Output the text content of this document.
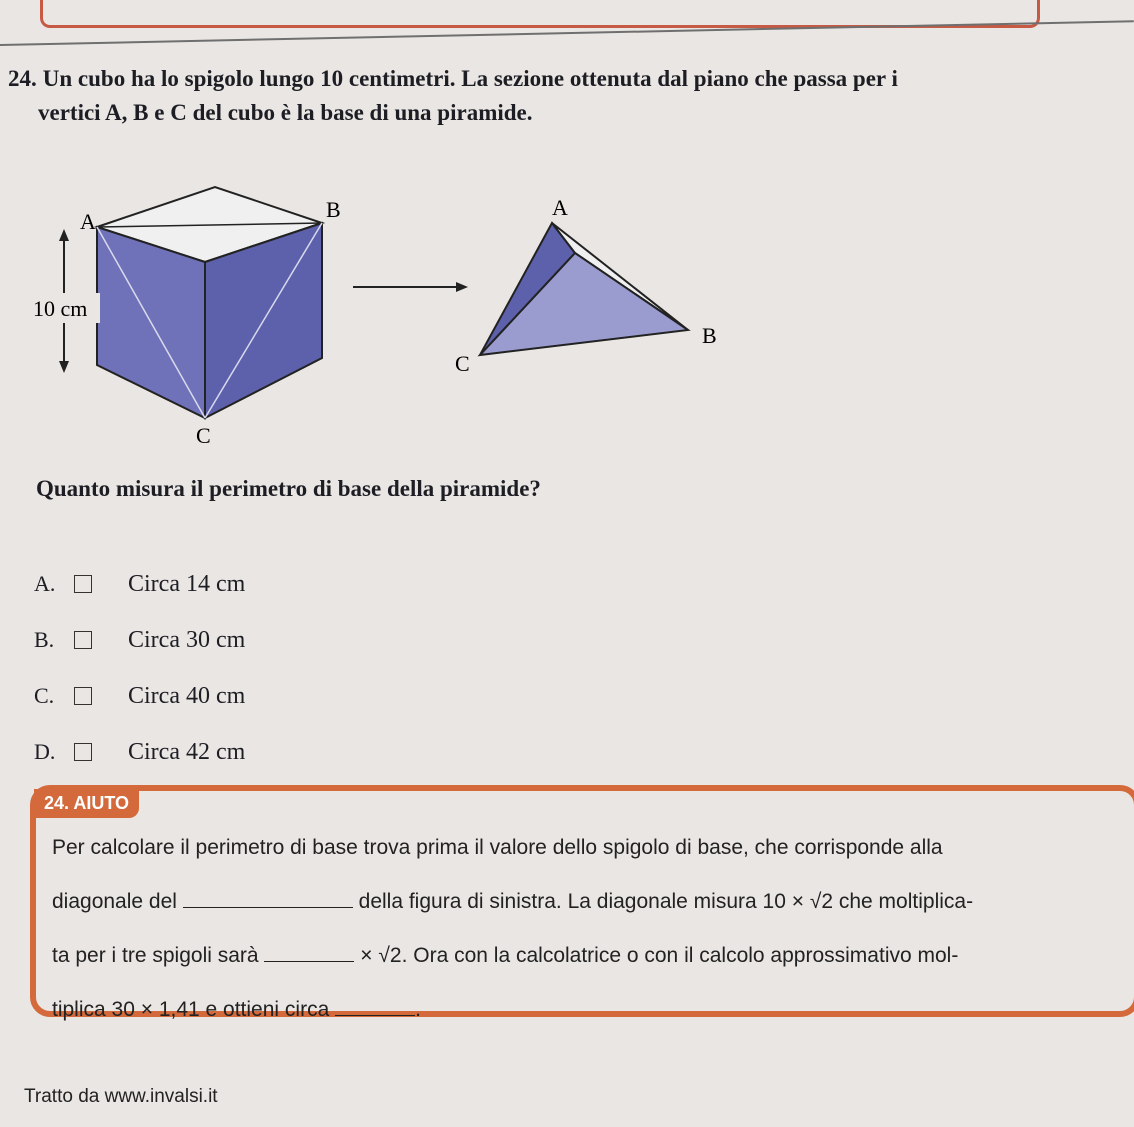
24. Un cubo ha lo spigolo lungo 10 centimetri. La sezione ottenuta dal piano che passa per i
vertici A, B e C del cubo è la base di una piramide.
10 cm
A	B
C
A
B
C
Quanto misura il perimetro di base della piramide?
A.	Circa 14 cm
B.	Circa 30 cm
C.	Circa 40 cm
D.	Circa 42 cm
24. AIUTO
Per calcolare il perimetro di base trova prima il valore dello spigolo di base, che corrisponde alla
diagonale del	della figura di sinistra. La diagonale misura 10 × √2 che moltiplica-
ta per i tre spigoli sarà	× √2. Ora con la calcolatrice o con il calcolo approssimativo mol-
tiplica 30 × 1,41 e ottieni circa	.
Tratto da www.invalsi.it
